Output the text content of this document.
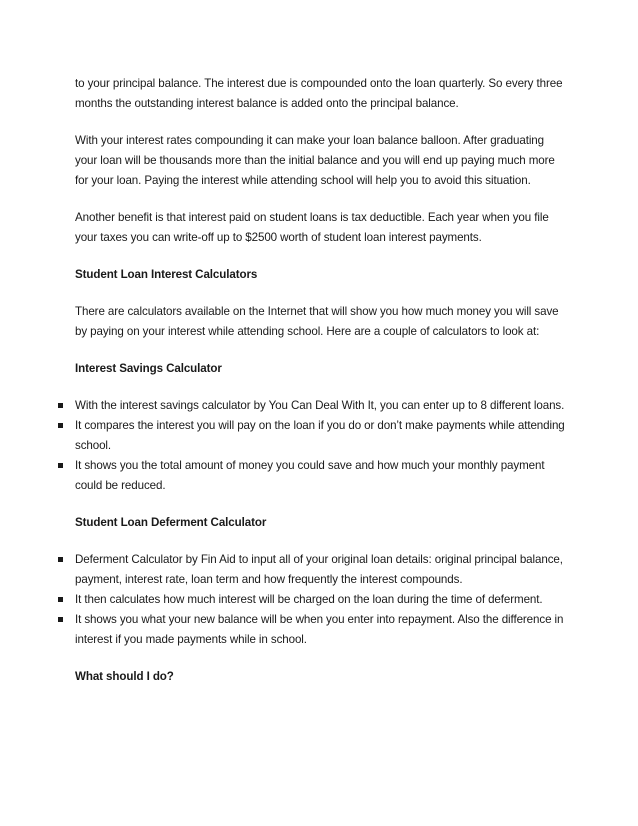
to your principal balance. The interest due is compounded onto the loan quarterly. So every three months the outstanding interest balance is added onto the principal balance.

With your interest rates compounding it can make your loan balance balloon. After graduating your loan will be thousands more than the initial balance and you will end up paying much more for your loan. Paying the interest while attending school will help you to avoid this situation.

Another benefit is that interest paid on student loans is tax deductible. Each year when you file your taxes you can write-off up to $2500 worth of student loan interest payments.

Student Loan Interest Calculators

There are calculators available on the Internet that will show you how much money you will save by paying on your interest while attending school. Here are a couple of calculators to look at:

Interest Savings Calculator

With the interest savings calculator by You Can Deal With It, you can enter up to 8 different loans.
It compares the interest you will pay on the loan if you do or don’t make payments while attending school.
It shows you the total amount of money you could save and how much your monthly payment could be reduced.

Student Loan Deferment Calculator

Deferment Calculator by Fin Aid to input all of your original loan details: original principal balance, payment, interest rate, loan term and how frequently the interest compounds.
It then calculates how much interest will be charged on the loan during the time of deferment.
It shows you what your new balance will be when you enter into repayment. Also the difference in interest if you made payments while in school.

What should I do?
